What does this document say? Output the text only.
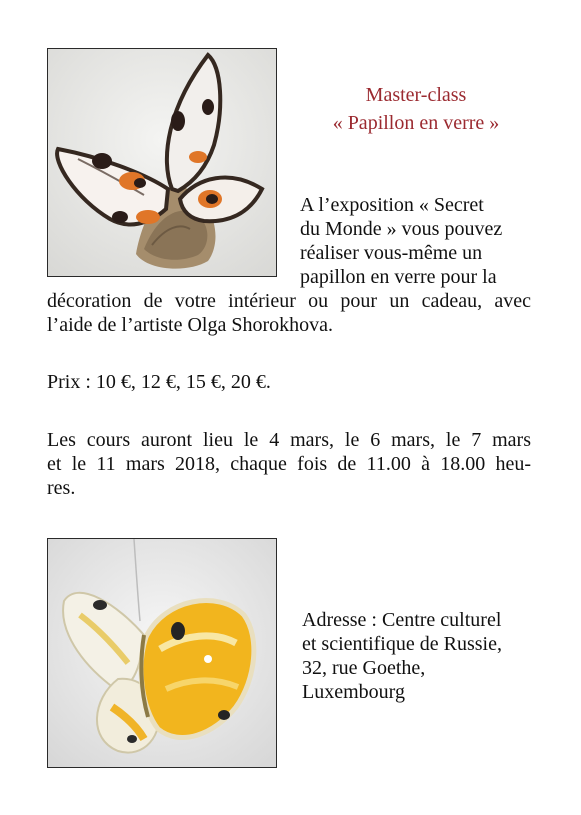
Master-class
« Papillon en verre »
A l’exposition « Secret
du Monde » vous pouvez
réaliser vous-même un
papillon en verre pour la
décoration de votre intérieur ou pour un cadeau, avec
l’aide de l’artiste Olga Shorokhova.
Prix : 10 €, 12 €, 15 €, 20 €.
Les cours auront lieu le 4 mars, le 6 mars, le 7 mars
et le 11 mars 2018, chaque fois de 11.00 à 18.00 heu-
res.
Adresse : Centre culturel
et scientifique de Russie,
32, rue Goethe,
Luxembourg
